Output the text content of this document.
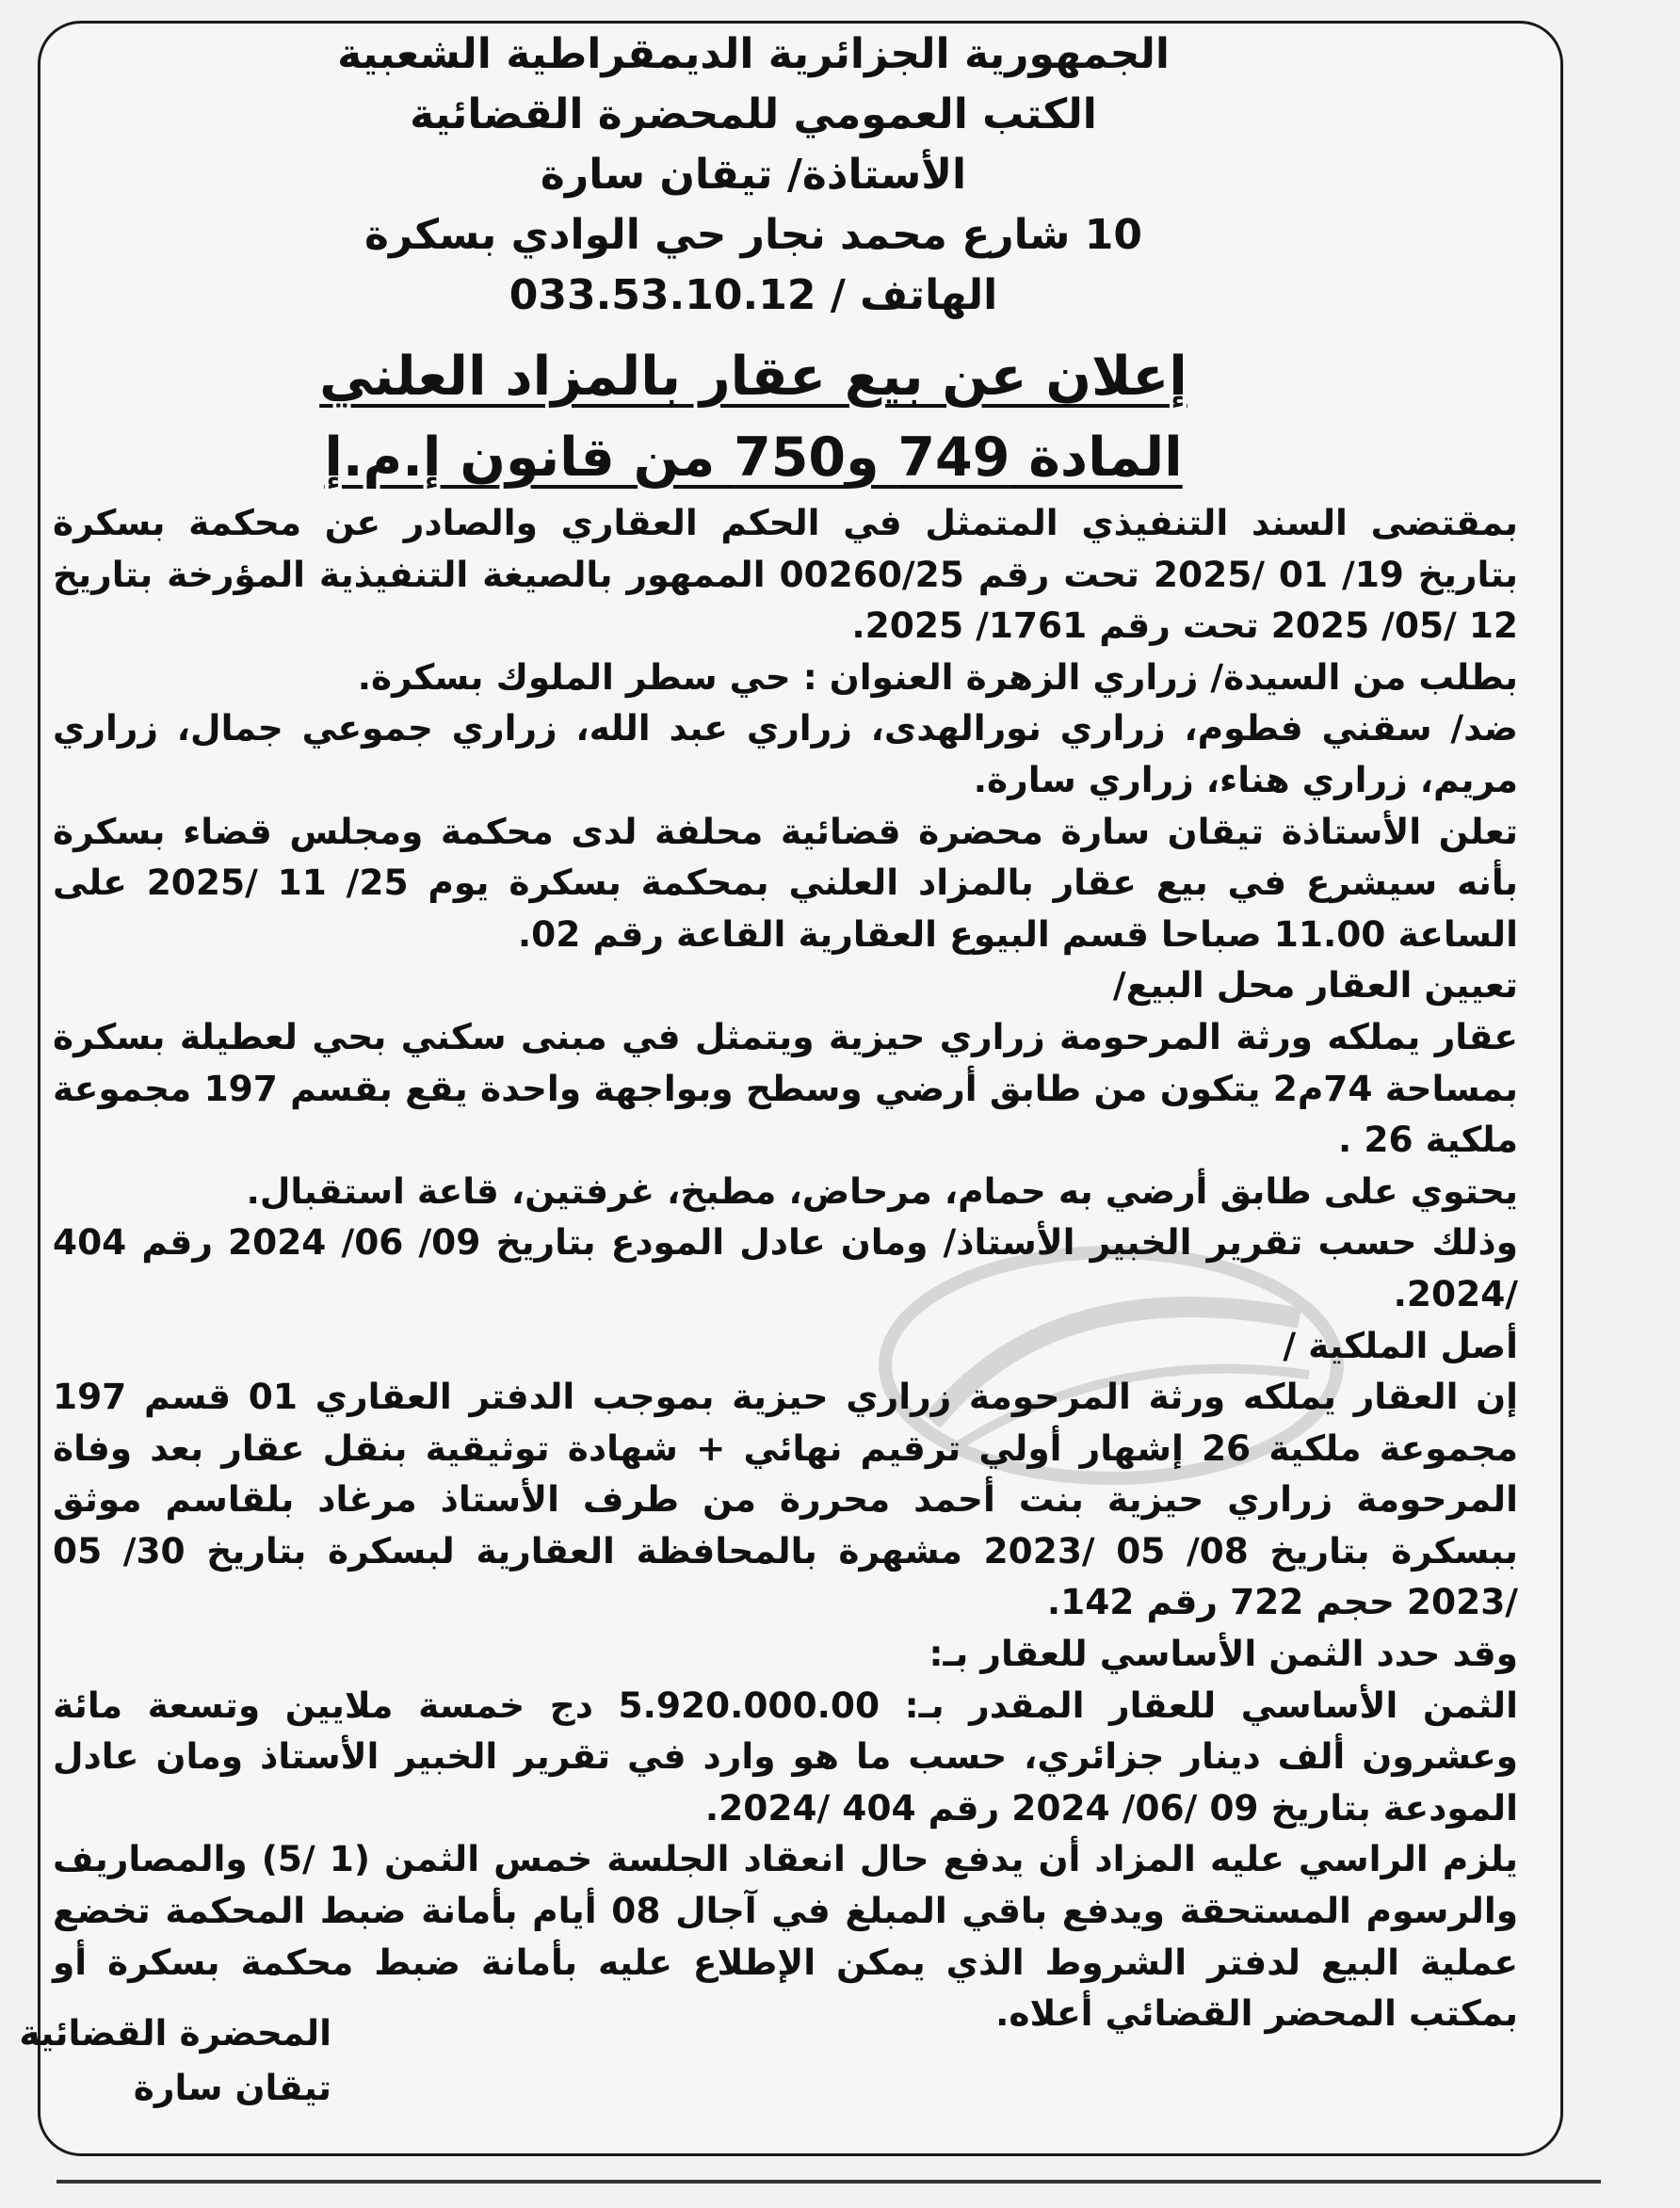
الجمهورية الجزائرية الديمقراطية الشعبية
الكتب العمومي للمحضرة القضائية
الأستاذة/ تيقان سارة
10 شارع محمد نجار حي الوادي بسكرة
الهاتف / 033.53.10.12
إعلان عن بيع عقار بالمزاد العلني
المادة 749 و750 من قانون إ.م.إ

بمقتضى السند التنفيذي المتمثل في الحكم العقاري والصادر عن محكمة بسكرة بتاريخ 19/ 01 /2025 تحت رقم 00260/25 الممهور بالصيغة التنفيذية المؤرخة بتاريخ 12 /05/ 2025 تحت رقم 1761/ 2025.

بطلب من السيدة/ زراري الزهرة العنوان : حي سطر الملوك بسكرة.

ضد/ سقني فطوم، زراري نورالهدى، زراري عبد الله، زراري جموعي جمال، زراري مريم، زراري هناء، زراري سارة.

تعلن الأستاذة تيقان سارة محضرة قضائية محلفة لدى محكمة ومجلس قضاء بسكرة بأنه سيشرع في بيع عقار بالمزاد العلني بمحكمة بسكرة يوم 25/ 11 /2025 على الساعة 11.00 صباحا قسم البيوع العقارية القاعة رقم 02.

تعيين العقار محل البيع/

عقار يملكه ورثة المرحومة زراري حيزية ويتمثل في مبنى سكني بحي لعطيلة بسكرة بمساحة 74م2 يتكون من طابق أرضي وسطح وبواجهة واحدة يقع بقسم 197 مجموعة ملكية 26 .

يحتوي على طابق أرضي به حمام، مرحاض، مطبخ، غرفتين، قاعة استقبال.

وذلك حسب تقرير الخبير الأستاذ/ ومان عادل المودع بتاريخ 09/ 06/ 2024 رقم 404 /2024.

أصل الملكية /

إن العقار يملكه ورثة المرحومة زراري حيزية بموجب الدفتر العقاري 01 قسم 197 مجموعة ملكية 26 إشهار أولي ترقيم نهائي + شهادة توثيقية بنقل عقار بعد وفاة المرحومة زراري حيزية بنت أحمد محررة من طرف الأستاذ مرغاد بلقاسم موثق ببسكرة بتاريخ 08/ 05 /2023 مشهرة بالمحافظة العقارية لبسكرة بتاريخ 30/ 05 /2023 حجم 722 رقم 142.

وقد حدد الثمن الأساسي للعقار بـ:

الثمن الأساسي للعقار المقدر بـ: 5.920.000.00 دج خمسة ملايين وتسعة مائة وعشرون ألف دينار جزائري، حسب ما هو وارد في تقرير الخبير الأستاذ ومان عادل المودعة بتاريخ 09 /06/ 2024 رقم 404 /2024.

يلزم الراسي عليه المزاد أن يدفع حال انعقاد الجلسة خمس الثمن (1 /5) والمصاريف والرسوم المستحقة ويدفع باقي المبلغ في آجال 08 أيام بأمانة ضبط المحكمة تخضع عملية البيع لدفتر الشروط الذي يمكن الإطلاع عليه بأمانة ضبط محكمة بسكرة أو بمكتب المحضر القضائي أعلاه.

المحضرة القضائية
تيقان سارة
